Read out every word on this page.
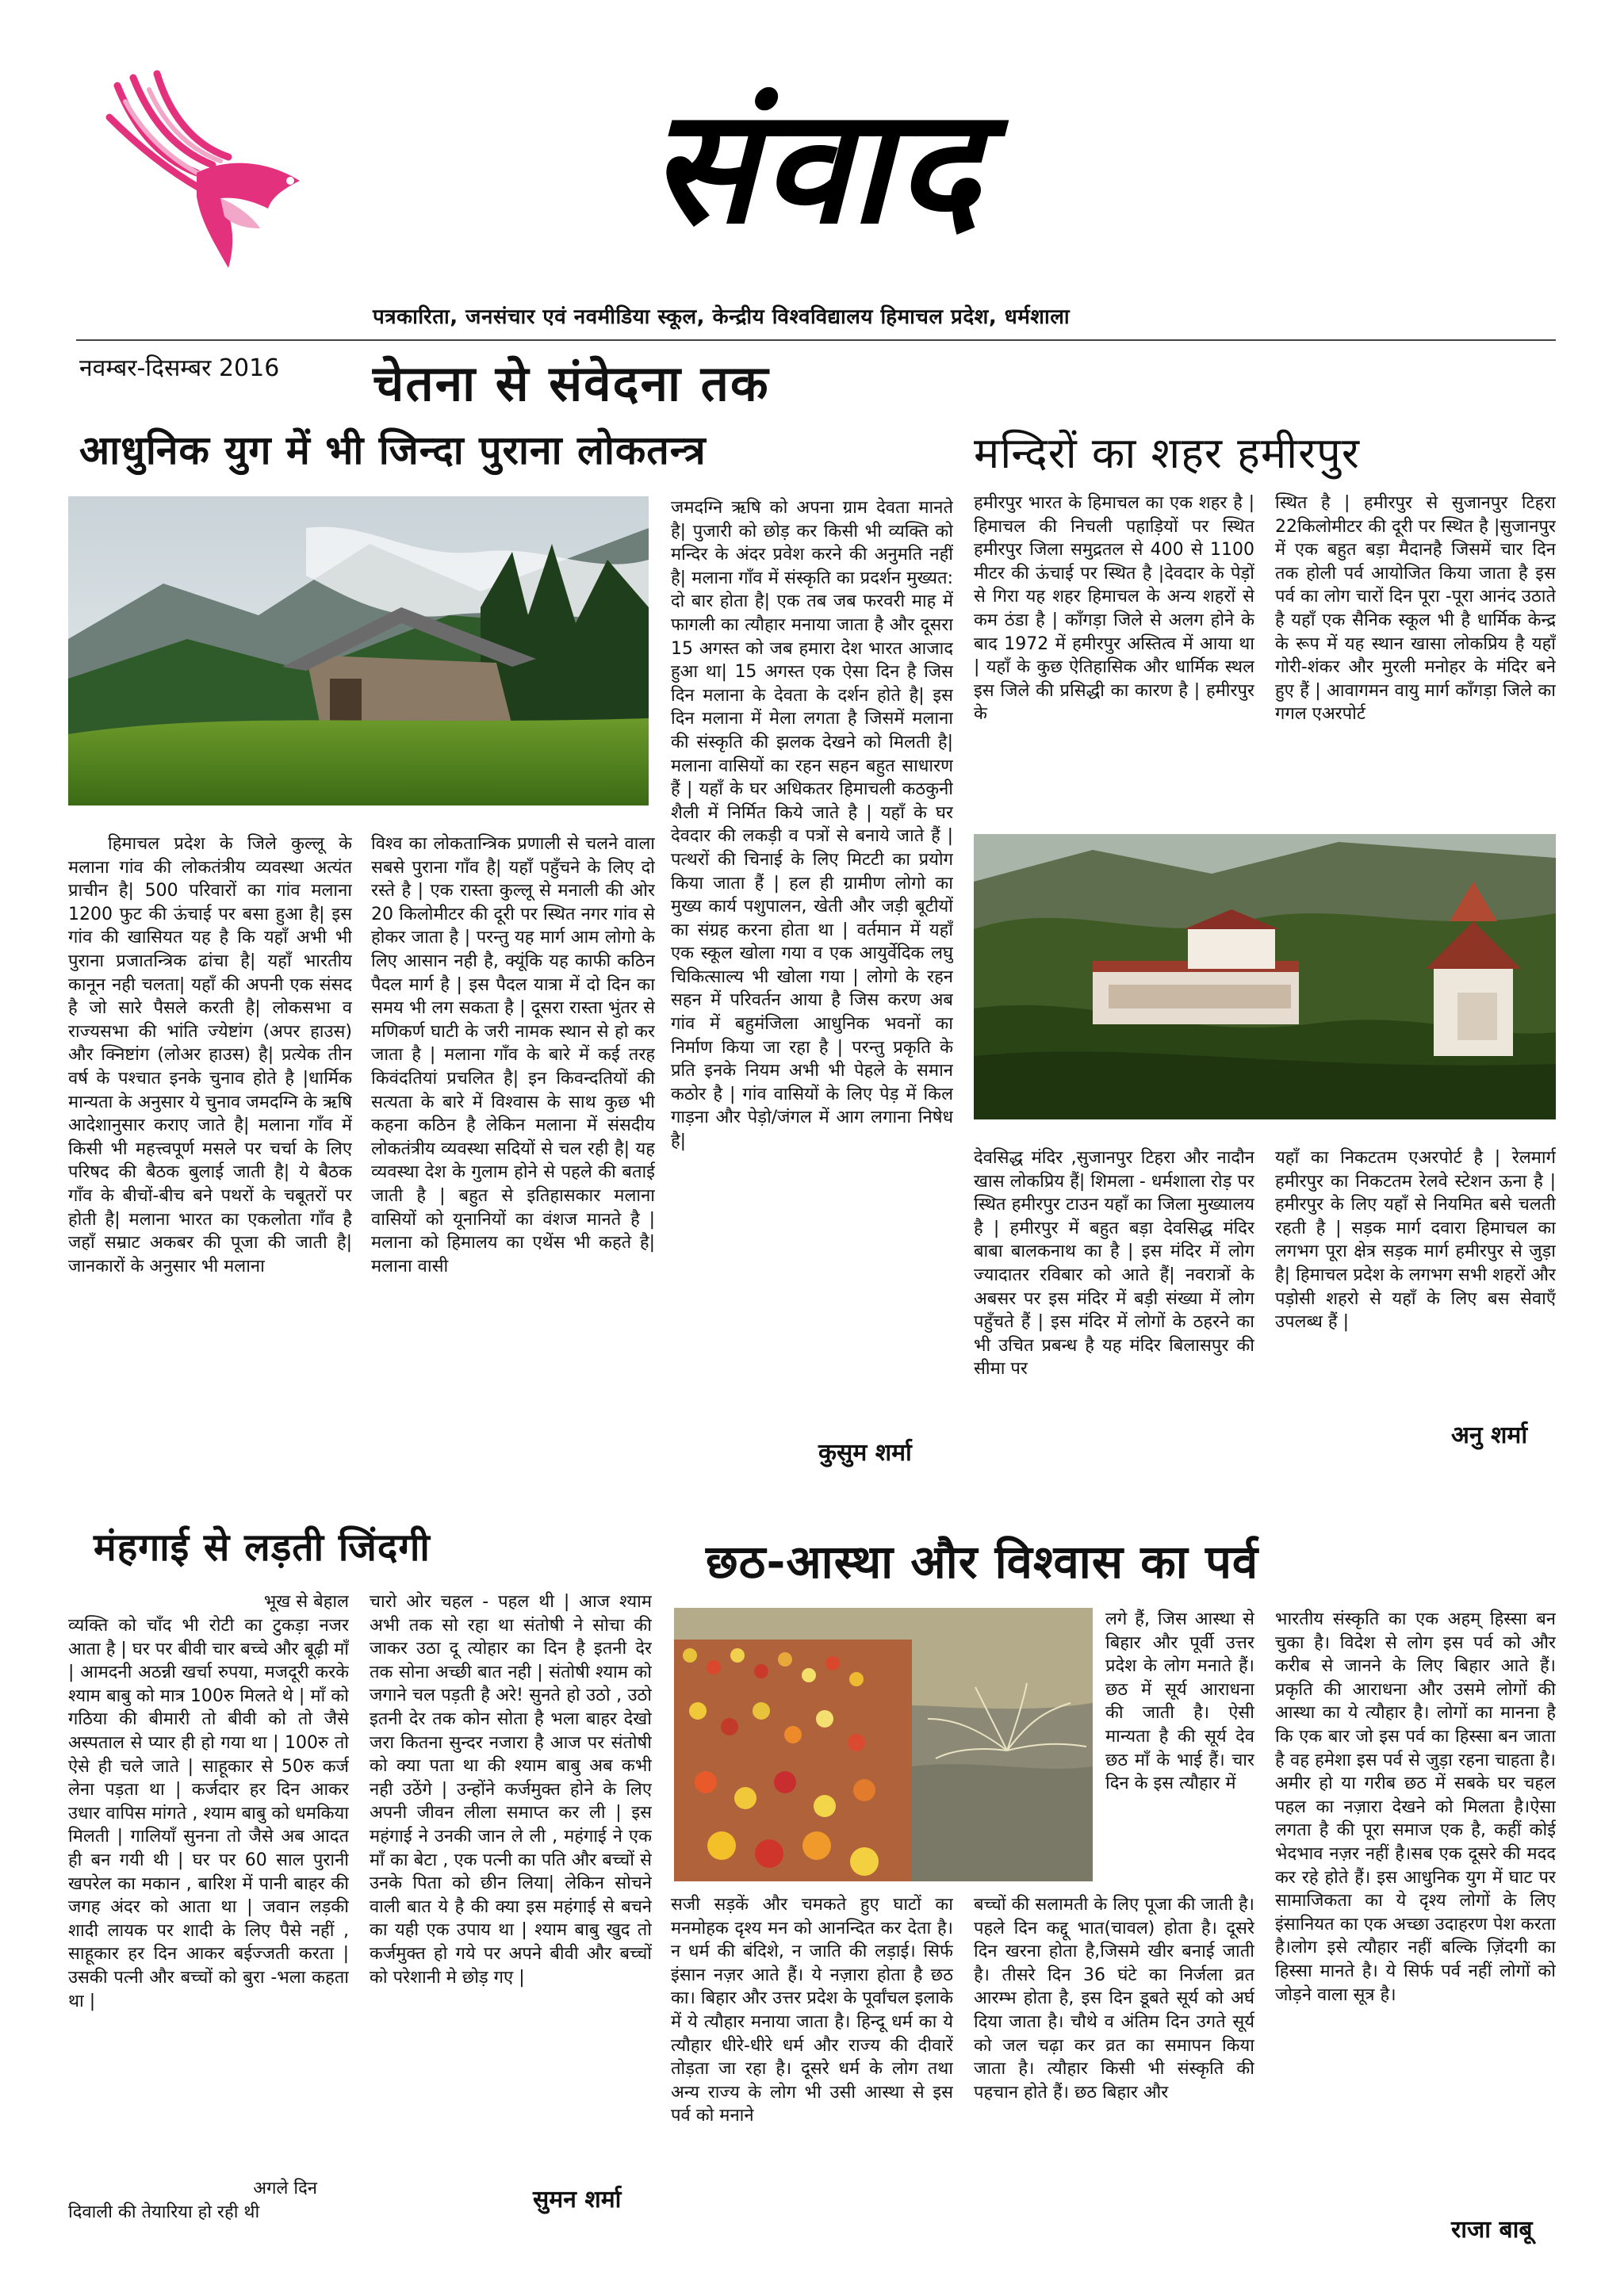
संवाद
पत्रकारिता, जनसंचार एवं नवमीडिया स्कूल, केन्द्रीय विश्वविद्यालय हिमाचल प्रदेश, धर्मशाला
नवम्बर-दिसम्बर 2016	चेतना से संवेदना तक
आधुनिक युग में भी जिन्दा पुराना लोकतन्त्र
हिमाचल प्रदेश के जिले कुल्लू के मलाना गांव की लोकतंत्रीय व्यवस्था अत्यंत प्राचीन है| 500 परिवारों का गांव मलाना 1200 फुट की ऊंचाई पर बसा हुआ है| इस गांव की खासियत यह है कि यहाँ अभी भी पुराना प्रजातन्त्रिक ढांचा है| यहाँ भारतीय कानून नही चलता| यहाँ की अपनी एक संसद है जो सारे पैसले करती है| लोकसभा व राज्यसभा की भांति ज्येष्टांग (अपर हाउस) और क्निष्टांग (लोअर हाउस) है| प्रत्येक तीन वर्ष के पश्चात इनके चुनाव होते है |धार्मिक मान्यता के अनुसार ये चुनाव जमदग्नि के ऋषि आदेशानुसार कराए जाते है| मलाना गाँव में किसी भी महत्त्वपूर्ण मसले पर चर्चा के लिए परिषद की बैठक बुलाई जाती है| ये बैठक गाँव के बीचों-बीच बने पथरों के चबूतरों पर होती है| मलाना भारत का एकलोता गाँव है जहाँ सम्राट अकबर की पूजा की जाती है| जानकारों के अनुसार भी मलाना
विश्व का लोकतान्त्रिक प्रणाली से चलने वाला सबसे पुराना गाँव है| यहाँ पहुँचने के लिए दो रस्ते है | एक रास्ता कुल्लू से मनाली की ओर 20 किलोमीटर की दूरी पर स्थित नगर गांव से होकर जाता है | परन्तु यह मार्ग आम लोगो के लिए आसान नही है, क्यूंकि यह काफी कठिन पैदल मार्ग है | इस पैदल यात्रा में दो दिन का समय भी लग सकता है | दूसरा रास्ता भुंतर से मणिकर्ण घाटी के जरी नामक स्थान से हो कर जाता है | मलाना गाँव के बारे में कई तरह किवंदतियां प्रचलित है| इन किवन्दतियों की सत्यता के बारे में विश्वास के साथ कुछ भी कहना कठिन है लेकिन मलाना में संसदीय लोकतंत्रीय व्यवस्था सदियों से चल रही है| यह व्यवस्था देश के गुलाम होने से पहले की बताई जाती है | बहुत से इतिहासकार मलाना वासियों को यूनानियों का वंशज मानते है | मलाना को हिमालय का एथेंस भी कहते है| मलाना वासी
जमदग्नि ऋषि को अपना ग्राम देवता मानते है| पुजारी को छोड़ कर किसी भी व्यक्ति को मन्दिर के अंदर प्रवेश करने की अनुमति नहीं है| मलाना गाँव में संस्कृति का प्रदर्शन मुख्यत: दो बार होता है| एक तब जब फरवरी माह में फागली का त्यौहार मनाया जाता है और दूसरा 15 अगस्त को जब हमारा देश भारत आजाद हुआ था| 15 अगस्त एक ऐसा दिन है जिस दिन मलाना के देवता के दर्शन होते है| इस दिन मलाना में मेला लगता है जिसमें मलाना की संस्कृति की झलक देखने को मिलती है| मलाना वासियों का रहन सहन बहुत साधारण हैं | यहाँ के घर अधिकतर हिमाचली कठकुनी शैली में निर्मित किये जाते है | यहाँ के घर देवदार की लकड़ी व पत्रों से बनाये जाते हैं | पत्थरों की चिनाई के लिए मिटटी का प्रयोग किया जाता हैं | हल ही ग्रामीण लोगो का मुख्य कार्य पशुपालन, खेती और जड़ी बूटीयों का संग्रह करना होता था | वर्तमान में यहाँ एक स्कूल खोला गया व एक आयुर्वेदिक लघु चिकित्साल्य भी खोला गया | लोगो के रहन सहन में परिवर्तन आया है जिस करण अब गांव में बहुमंजिला आधुनिक भवनों का निर्माण किया जा रहा है | परन्तु प्रकृति के प्रति इनके नियम अभी भी पेहले के समान कठोर है | गांव वासियों के लिए पेड़ में किल गाड़ना और पेड़ो/जंगल में आग लगाना निषेध है|
कुसुम शर्मा
मन्दिरों का शहर हमीरपुर
हमीरपुर भारत के हिमाचल का एक शहर है |हिमाचल की निचली पहाड़ियों पर स्थित हमीरपुर जिला समुद्रतल से 400 से 1100 मीटर की ऊंचाई पर स्थित है |देवदार के पेड़ों से गिरा यह शहर हिमाचल के अन्य शहरों से कम ठंडा है | काँगड़ा जिले से अलग होने के बाद 1972 में हमीरपुर अस्तित्व में आया था | यहाँ के कुछ ऐतिहासिक और धार्मिक स्थल इस जिले की प्रसिद्धी का कारण है | हमीरपुर के
स्थित है | हमीरपुर से सुजानपुर टिहरा 22किलोमीटर की दूरी पर स्थित है |सुजानपुर में एक बहुत बड़ा मैदानहै जिसमें चार दिन तक होली पर्व आयोजित किया जाता है इस पर्व का लोग चारों दिन पूरा -पूरा आनंद उठाते है यहाँ एक सैनिक स्कूल भी है धार्मिक केन्द्र के रूप में यह स्थान खासा लोकप्रिय है यहाँ गोरी-शंकर और मुरली मनोहर के मंदिर बने हुए हैं | आवागमन वायु मार्ग काँगड़ा जिले का गगल एअरपोर्ट
देवसिद्ध मंदिर ,सुजानपुर टिहरा और नादौन खास लोकप्रिय हैं| शिमला - धर्मशाला रोड़ पर स्थित हमीरपुर टाउन यहाँ का जिला मुख्यालय है | हमीरपुर में बहुत बड़ा देवसिद्ध मंदिर बाबा बालकनाथ का है | इस मंदिर में लोग ज्यादातर रविबार को आते हैं| नवरात्रों के अबसर पर इस मंदिर में बड़ी संख्या में लोग पहुँचते हैं | इस मंदिर में लोगों के ठहरने का भी उचित प्रबन्ध है यह मंदिर बिलासपुर की सीमा पर
यहाँ का निकटतम एअरपोर्ट है | रेलमार्ग हमीरपुर का निकटतम रेलवे स्टेशन ऊना है |हमीरपुर के लिए यहाँ से नियमित बसे चलती रहती है | सड़क मार्ग दवारा हिमाचल का लगभग पूरा क्षेत्र सड़क मार्ग हमीरपुर से जुड़ा है| हिमाचल प्रदेश के लगभग सभी शहरों और पड़ोसी शहरो से यहाँ के लिए बस सेवाएँ उपलब्ध हैं |
अनु शर्मा
मंहगाई से लड़ती जिंदगी
भूख से बेहाल
व्यक्ति को चाँद भी रोटी का टुकड़ा नजर आता है | घर पर बीवी चार बच्चे और बूढ़ी माँ | आमदनी अठन्नी खर्चा रुपया, मजदूरी करके श्याम बाबु को मात्र 100रु मिलते थे | माँ को गठिया की बीमारी तो बीवी को तो जैसे अस्पताल से प्यार ही हो गया था | 100रु तो ऐसे ही चले जाते | साहूकार से 50रु कर्ज लेना पड़ता था | कर्जदार हर दिन आकर उधार वापिस मांगते , श्याम बाबु को धमकिया मिलती | गालियाँ सुनना तो जैसे अब आदत ही बन गयी थी | घर पर 60 साल पुरानी खपरेल का मकान , बारिश में पानी बाहर की जगह अंदर को आता था | जवान लड़की शादी लायक पर शादी के लिए पैसे नहीं , साहूकार हर दिन आकर बईज्जती करता | उसकी पत्नी और बच्चों को बुरा -भला कहता था |
अगले दिन
दिवाली की तेयारिया हो रही थी
चारो ओर चहल - पहल थी | आज श्याम अभी तक सो रहा था संतोषी ने सोचा की जाकर उठा दू त्योहार का दिन है इतनी देर तक सोना अच्छी बात नही | संतोषी श्याम को जगाने चल पड़ती है अरे! सुनते हो उठो , उठो इतनी देर तक कोन सोता है भला बाहर देखो जरा कितना सुन्दर नजारा है आज पर संतोषी को क्या पता था की श्याम बाबु अब कभी नही उठेंगे | उन्होंने कर्जमुक्त होने के लिए अपनी जीवन लीला समाप्त कर ली | इस महंगाई ने उनकी जान ले ली , महंगाई ने एक माँ का बेटा , एक पत्नी का पति और बच्चों से उनके पिता को छीन लिया| लेकिन सोचने वाली बात ये है की क्या इस महंगाई से बचने का यही एक उपाय था | श्याम बाबु खुद तो कर्जमुक्त हो गये पर अपने बीवी और बच्चों को परेशानी मे छोड़ गए |
सुमन शर्मा
छठ-आस्था और विश्वास का पर्व
लगे हैं, जिस आस्था से बिहार और पूर्वी उत्तर प्रदेश के लोग मनाते हैं। छठ में सूर्य आराधना की जाती है। ऐसी मान्यता है की सूर्य देव छठ माँ के भाई हैं। चार दिन के इस त्यौहार में
सजी सड़कें और चमकते हुए घाटों का मनमोहक दृश्य मन को आनन्दित कर देता है। न धर्म की बंदिशे, न जाति की लड़ाई। सिर्फ इंसान नज़र आते हैं। ये नज़ारा होता है छठ का। बिहार और उत्तर प्रदेश के पूर्वांचल इलाके में ये त्यौहार मनाया जाता है। हिन्दू धर्म का ये त्यौहार धीरे-धीरे धर्म और राज्य की दीवारें तोड़ता जा रहा है। दूसरे धर्म के लोग तथा अन्य राज्य के लोग भी उसी आस्था से इस पर्व को मनाने
बच्चों की सलामती के लिए पूजा की जाती है। पहले दिन कद्दू भात(चावल) होता है। दूसरे दिन खरना होता है,जिसमे खीर बनाई जाती है। तीसरे दिन 36 घंटे का निर्जला व्रत आरम्भ होता है, इस दिन डूबते सूर्य को अर्घ दिया जाता है। चौथे व अंतिम दिन उगते सूर्य को जल चढ़ा कर व्रत का समापन किया जाता है। त्यौहार किसी भी संस्कृति की पहचान होते हैं। छठ बिहार और
भारतीय संस्कृति का एक अहम् हिस्सा बन चुका है। विदेश से लोग इस पर्व को और करीब से जानने के लिए बिहार आते हैं। प्रकृति की आराधना और उसमे लोगों की आस्था का ये त्यौहार है। लोगों का मानना है कि एक बार जो इस पर्व का हिस्सा बन जाता है वह हमेशा इस पर्व से जुड़ा रहना चाहता है। अमीर हो या गरीब छठ में सबके घर चहल पहल का नज़ारा देखने को मिलता है।ऐसा लगता है की पूरा समाज एक है, कहीं कोई भेदभाव नज़र नहीं है।सब एक दूसरे की मदद कर रहे होते हैं। इस आधुनिक युग में घाट पर सामाजिकता का ये दृश्य लोगों के लिए इंसानियत का एक अच्छा उदाहरण पेश करता है।लोग इसे त्यौहार नहीं बल्कि ज़िंदगी का हिस्सा मानते है। ये सिर्फ पर्व नहीं लोगों को जोड़ने वाला सूत्र है।
राजा बाबू
